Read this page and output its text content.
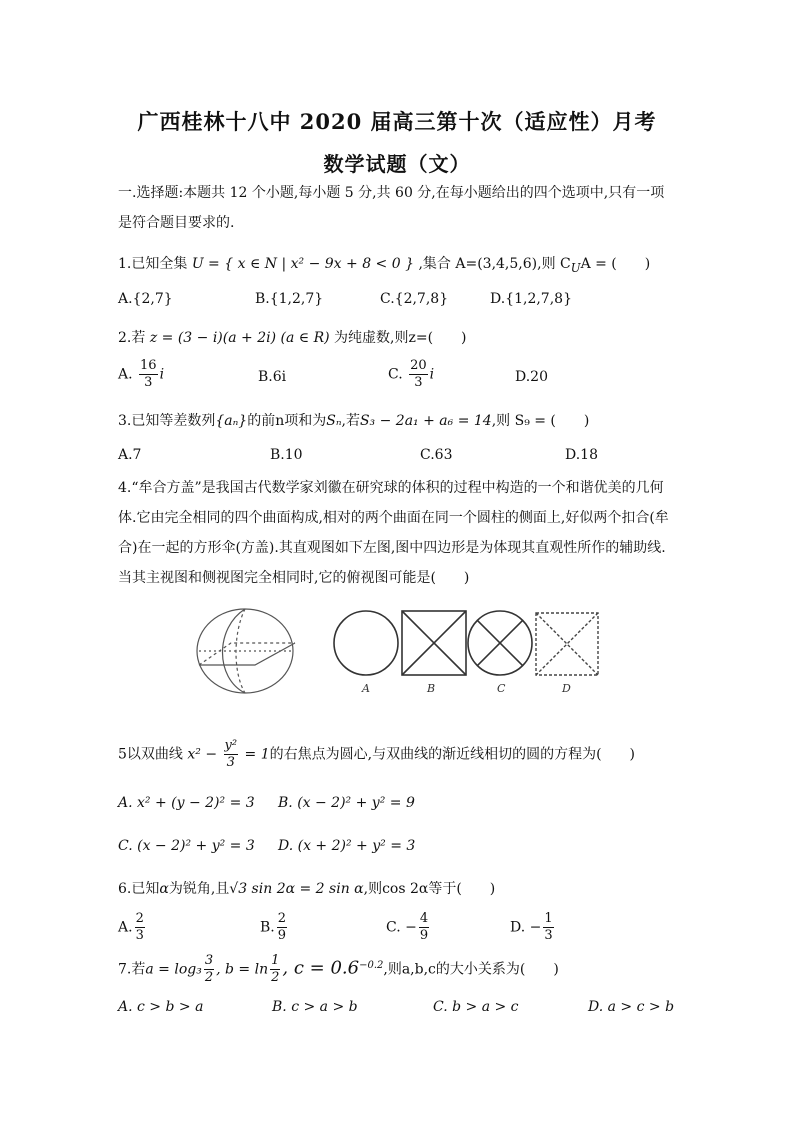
广西桂林十八中 2020 届高三第十次（适应性）月考
数学试题（文）
一.选择题:本题共 12 个小题,每小题 5 分,共 60 分,在每小题给出的四个选项中,只有一项是符合题目要求的.
1.已知全集 U = { x ∈ N | x² − 9x + 8 < 0 } ,集合 A=(3,4,5,6),则 $C_UA$ = (　　)
A.{2,7}	B.{1,2,7}	C.{2,7,8}	D.{1,2,7,8}
2.若 z = (3 − i)(a + 2i) (a ∈ R) 为纯虚数,则z=(　　)
A. $\frac{16}{3}$ i	B.6i	C. $\frac{20}{3}$ i	D.20
3.已知等差数列{aₙ}的前n项和为Sₙ,若S₃ − 2a₁ + a₆ = 14,则 S₉ = (　　)
A.7	B.10	C.63	D.18
4.“牟合方盖”是我国古代数学家刘徽在研究球的体积的过程中构造的一个和谐优美的几何体.它由完全相同的四个曲面构成,相对的两个曲面在同一个圆柱的侧面上,好似两个扣合(牟合)在一起的方形伞(方盖).其直观图如下左图,图中四边形是为体现其直观性所作的辅助线.当其主视图和侧视图完全相同时,它的俯视图可能是(　　)
A	B	C	D
5以双曲线 $x^2 - \frac{\text{y²}}{3} = 1$的右焦点为圆心,与双曲线的渐近线相切的圆的方程为(　　)
A. x² + (y − 2)² = 3 B. (x − 2)² + y² = 9
C. (x − 2)² + y² = 3 D. (x + 2)² + y² = 3
6.已知α为锐角,且√3 sin 2α = 2 sin α,则cos 2α等于(　　)
A. $\frac{2}{3}$	B. $\frac{2}{9}$	C. − $\frac{4}{9}$	D. − $\frac{1}{3}$
7.若$a = \log_3 \frac{3}{2}$ , $b = \ln \frac{1}{2}$ , $c = 0.6^{-0.2}$,则a,b,c的大小关系为(　　)
A. c > b > a	B. c > a > b	C. b > a > c	D. a > c > b
